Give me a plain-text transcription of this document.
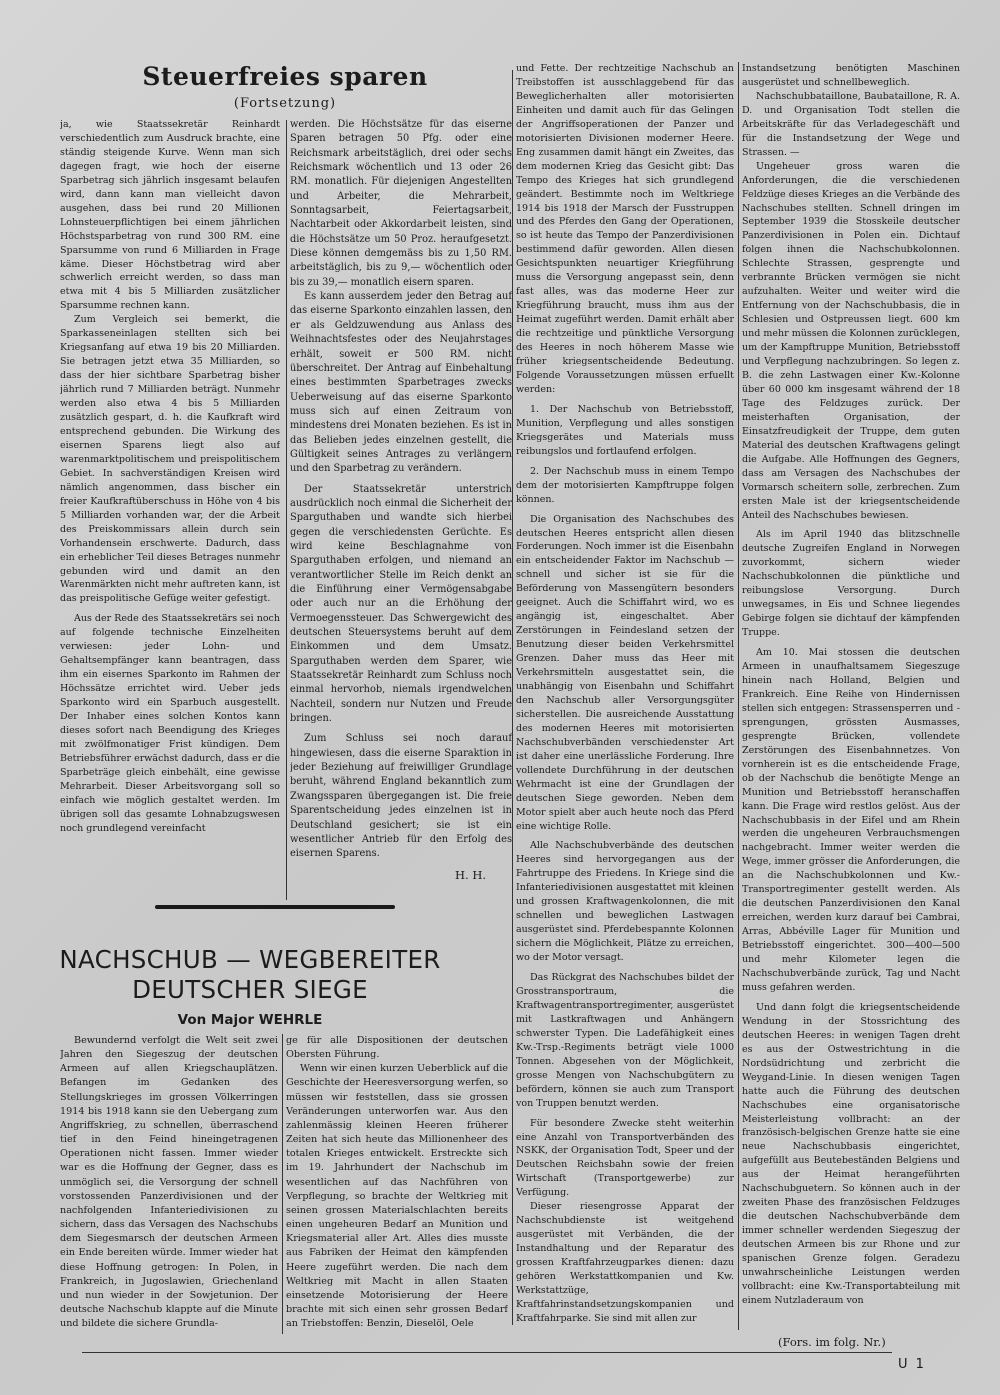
Steuerfreies sparen
(Fortsetzung)

ja, wie Staatssekretär Reinhardt verschiedentlich zum Ausdruck brachte, eine ständig steigende Kurve. Wenn man sich dagegen fragt, wie hoch der eiserne Sparbetrag sich jährlich insgesamt belaufen wird, dann kann man vielleicht davon ausgehen, dass bei rund 20 Millionen Lohnsteuerpflichtigen bei einem jährlichen Höchstsparbetrag von rund 300 RM. eine Sparsumme von rund 6 Milliarden in Frage käme. Dieser Höchstbetrag wird aber schwerlich erreicht werden, so dass man etwa mit 4 bis 5 Milliarden zusätzlicher Sparsumme rechnen kann.

Zum Vergleich sei bemerkt, die Sparkasseneinlagen stellten sich bei Kriegsanfang auf etwa 19 bis 20 Milliarden. Sie betragen jetzt etwa 35 Milliarden, so dass der hier sichtbare Sparbetrag bisher jährlich rund 7 Milliarden beträgt. Nunmehr werden also etwa 4 bis 5 Milliarden zusätzlich gespart, d. h. die Kaufkraft wird entsprechend gebunden. Die Wirkung des eisernen Sparens liegt also auf warenmarktpolitischem und preispolitischem Gebiet. In sachverständigen Kreisen wird nämlich angenommen, dass bischer ein freier Kaufkraftüberschuss in Höhe von 4 bis 5 Milliarden vorhanden war, der die Arbeit des Preiskommissars allein durch sein Vorhandensein erschwerte. Dadurch, dass ein erheblicher Teil dieses Betrages nunmehr gebunden wird und damit an den Warenmärkten nicht mehr auftreten kann, ist das preispolitische Gefüge weiter gefestigt.

Aus der Rede des Staatssekretärs sei noch auf folgende technische Einzelheiten verwiesen: jeder Lohn- und Gehaltsempfänger kann beantragen, dass ihm ein eisernes Sparkonto im Rahmen der Höchssätze errichtet wird. Ueber jeds Sparkonto wird ein Sparbuch ausgestellt. Der Inhaber eines solchen Kontos kann dieses sofort nach Beendigung des Krieges mit zwölfmonatiger Frist kündigen. Dem Betriebsführer erwächst dadurch, dass er die Sparbeträge gleich einbehält, eine gewisse Mehrarbeit. Dieser Arbeitsvorgang soll so einfach wie möglich gestaltet werden. Im übrigen soll das gesamte Lohnabzugswesen noch grundlegend vereinfacht

werden. Die Höchstsätze für das eiserne Sparen betragen 50 Pfg. oder eine Reichsmark arbeitstäglich, drei oder sechs Reichsmark wöchentlich und 13 oder 26 RM. monatlich. Für diejenigen Angestellten und Arbeiter, die Mehrarbeit, Sonntagsarbeit, Feiertagsarbeit, Nachtarbeit oder Akkordarbeit leisten, sind die Höchstsätze um 50 Proz. heraufgesetzt. Diese können demgemäss bis zu 1,50 RM. arbeitstäglich, bis zu 9,— wöchentlich oder bis zu 39,— monatlich eisern sparen.

Es kann ausserdem jeder den Betrag auf das eiserne Sparkonto einzahlen lassen, den er als Geldzuwendung aus Anlass des Weihnachtsfestes oder des Neujahrstages erhält, soweit er 500 RM. nicht überschreitet. Der Antrag auf Einbehaltung eines bestimmten Sparbetrages zwecks Ueberweisung auf das eiserne Sparkonto muss sich auf einen Zeitraum von mindestens drei Monaten beziehen. Es ist in das Belieben jedes einzelnen gestellt, die Gültigkeit seines Antrages zu verlängern und den Sparbetrag zu verändern.

Der Staatssekretär unterstrich ausdrücklich noch einmal die Sicherheit der Sparguthaben und wandte sich hierbei gegen die verschiedensten Gerüchte. Es wird keine Beschlagnahme von Sparguthaben erfolgen, und niemand an verantwortlicher Stelle im Reich denkt an die Einführung einer Vermögensabgabe oder auch nur an die Erhöhung der Vermoegenssteuer. Das Schwergewicht des deutschen Steuersystems beruht auf dem Einkommen und dem Umsatz. Sparguthaben werden dem Sparer, wie Staatssekretär Reinhardt zum Schluss noch einmal hervorhob, niemals irgendwelchen Nachteil, sondern nur Nutzen und Freude bringen.

Zum Schluss sei noch darauf hingewiesen, dass die eiserne Sparaktion in jeder Beziehung auf freiwilliger Grundlage beruht, während England bekanntlich zum Zwangssparen übergegangen ist. Die freie Sparentscheidung jedes einzelnen ist in Deutschland gesichert; sie ist ein wesentlicher Antrieb für den Erfolg des eisernen Sparens.

H. H.
NACHSCHUB — WEGBEREITER
DEUTSCHER SIEGE
Von Major WEHRLE

Bewundernd verfolgt die Welt seit zwei Jahren den Siegeszug der deutschen Armeen auf allen Kriegschauplätzen. Befangen im Gedanken des Stellungskrieges im grossen Völkerringen 1914 bis 1918 kann sie den Uebergang zum Angriffskrieg, zu schnellen, überraschend tief in den Feind hineingetragenen Operationen nicht fassen. Immer wieder war es die Hoffnung der Gegner, dass es unmöglich sei, die Versorgung der schnell vorstossenden Panzerdivisionen und der nachfolgenden Infanteriedivisionen zu sichern, dass das Versagen des Nachschubs dem Siegesmarsch der deutschen Armeen ein Ende bereiten würde. Immer wieder hat diese Hoffnung getrogen: In Polen, in Frankreich, in Jugoslawien, Griechenland und nun wieder in der Sowjetunion. Der deutsche Nachschub klappte auf die Minute und bildete die sichere Grundla-

ge für alle Dispositionen der deutschen Obersten Führung.

Wenn wir einen kurzen Ueberblick auf die Geschichte der Heeresversorgung werfen, so müssen wir feststellen, dass sie grossen Veränderungen unterworfen war. Aus den zahlenmässig kleinen Heeren früherer Zeiten hat sich heute das Millionenheer des totalen Krieges entwickelt. Erstreckte sich im 19. Jahrhundert der Nachschub im wesentlichen auf das Nachführen von Verpflegung, so brachte der Weltkrieg mit seinen grossen Materialschlachten bereits einen ungeheuren Bedarf an Munition und Kriegsmaterial aller Art. Alles dies musste aus Fabriken der Heimat den kämpfenden Heere zugeführt werden. Die nach dem Weltkrieg mit Macht in allen Staaten einsetzende Motorisierung der Heere brachte mit sich einen sehr grossen Bedarf an Triebstoffen: Benzin, Dieselöl, Oele

und Fette. Der rechtzeitige Nachschub an Treibstoffen ist ausschlaggebend für das Beweglicherhalten aller motorisierten Einheiten und damit auch für das Gelingen der Angriffsoperationen der Panzer und motorisierten Divisionen moderner Heere. Eng zusammen damit hängt ein Zweites, das dem modernen Krieg das Gesicht gibt: Das Tempo des Krieges hat sich grundlegend geändert. Bestimmte noch im Weltkriege 1914 bis 1918 der Marsch der Fusstruppen und des Pferdes den Gang der Operationen, so ist heute das Tempo der Panzerdivisionen bestimmend dafür geworden. Allen diesen Gesichtspunkten neuartiger Kriegführung muss die Versorgung angepasst sein, denn fast alles, was das moderne Heer zur Kriegführung braucht, muss ihm aus der Heimat zugeführt werden. Damit erhält aber die rechtzeitige und pünktliche Versorgung des Heeres in noch höherem Masse wie früher kriegsentscheidende Bedeutung. Folgende Voraussetzungen müssen erfuellt werden:

1. Der Nachschub von Betriebsstoff, Munition, Verpflegung und alles sonstigen Kriegsgerätes und Materials muss reibungslos und fortlaufend erfolgen.

2. Der Nachschub muss in einem Tempo dem der motorisierten Kampftruppe folgen können.

Die Organisation des Nachschubes des deutschen Heeres entspricht allen diesen Forderungen. Noch immer ist die Eisenbahn ein entscheidender Faktor im Nachschub — schnell und sicher ist sie für die Beförderung von Massengütern besonders geeignet. Auch die Schiffahrt wird, wo es angängig ist, eingeschaltet. Aber Zerstörungen in Feindesland setzen der Benutzung dieser beiden Verkehrsmittel Grenzen. Daher muss das Heer mit Verkehrsmitteln ausgestattet sein, die unabhängig von Eisenbahn und Schiffahrt den Nachschub aller Versorgungsgüter sicherstellen. Die ausreichende Ausstattung des modernen Heeres mit motorisierten Nachschubverbänden verschiedenster Art ist daher eine unerlässliche Forderung. Ihre vollendete Durchführung in der deutschen Wehrmacht ist eine der Grundlagen der deutschen Siege geworden. Neben dem Motor spielt aber auch heute noch das Pferd eine wichtige Rolle.

Alle Nachschubverbände des deutschen Heeres sind hervorgegangen aus der Fahrtruppe des Friedens. In Kriege sind die Infanteriedivisionen ausgestattet mit kleinen und grossen Kraftwagenkolonnen, die mit schnellen und beweglichen Lastwagen ausgerüstet sind. Pferdebespannte Kolonnen sichern die Möglichkeit, Plätze zu erreichen, wo der Motor versagt.

Das Rückgrat des Nachschubes bildet der Grosstransportraum, die Kraftwagentransportregimenter, ausgerüstet mit Lastkraftwagen und Anhängern schwerster Typen. Die Ladefähigkeit eines Kw.-Trsp.-Regiments beträgt viele 1000 Tonnen. Abgesehen von der Möglichkeit, grosse Mengen von Nachschubgütern zu befördern, können sie auch zum Transport von Truppen benutzt werden.

Für besondere Zwecke steht weiterhin eine Anzahl von Transportverbänden des NSKK, der Organisation Todt, Speer und der Deutschen Reichsbahn sowie der freien Wirtschaft (Transportgewerbe) zur Verfügung.

Dieser riesengrosse Apparat der Nachschubdienste ist weitgehend ausgerüstet mit Verbänden, die der Instandhaltung und der Reparatur des grossen Kraftfahrzeugparkes dienen: dazu gehören Werkstattkompanien und Kw. Werkstattzüge, Kraftfahrinstandsetzungskompanien und Kraftfahrparke. Sie sind mit allen zur

Instandsetzung benötigten Maschinen ausgerüstet und schnellbeweglich.

Nachschubbataillone, Baubataillone, R. A. D. und Organisation Todt stellen die Arbeitskräfte für das Verladegeschäft und für die Instandsetzung der Wege und Strassen. —

Ungeheuer gross waren die Anforderungen, die die verschiedenen Feldzüge dieses Krieges an die Verbände des Nachschubes stellten. Schnell dringen im September 1939 die Stosskeile deutscher Panzerdivisionen in Polen ein. Dichtauf folgen ihnen die Nachschubkolonnen. Schlechte Strassen, gesprengte und verbrannte Brücken vermögen sie nicht aufzuhalten. Weiter und weiter wird die Entfernung von der Nachschubbasis, die in Schlesien und Ostpreussen liegt. 600 km und mehr müssen die Kolonnen zurücklegen, um der Kampftruppe Munition, Betriebsstoff und Verpflegung nachzubringen. So legen z. B. die zehn Lastwagen einer Kw.-Kolonne über 60 000 km insgesamt während der 18 Tage des Feldzuges zurück. Der meisterhaften Organisation, der Einsatzfreudigkeit der Truppe, dem guten Material des deutschen Kraftwagens gelingt die Aufgabe. Alle Hoffnungen des Gegners, dass am Versagen des Nachschubes der Vormarsch scheitern solle, zerbrechen. Zum ersten Male ist der kriegsentscheidende Anteil des Nachschubes bewiesen.

Als im April 1940 das blitzschnelle deutsche Zugreifen England in Norwegen zuvorkommt, sichern wieder Nachschubkolonnen die pünktliche und reibungslose Versorgung. Durch unwegsames, in Eis und Schnee liegendes Gebirge folgen sie dichtauf der kämpfenden Truppe.

Am 10. Mai stossen die deutschen Armeen in unaufhaltsamem Siegeszuge hinein nach Holland, Belgien und Frankreich. Eine Reihe von Hindernissen stellen sich entgegen: Strassensperren und -sprengungen, grössten Ausmasses, gesprengte Brücken, vollendete Zerstörungen des Eisenbahnnetzes. Von vornherein ist es die entscheidende Frage, ob der Nachschub die benötigte Menge an Munition und Betriebsstoff heranschaffen kann. Die Frage wird restlos gelöst. Aus der Nachschubbasis in der Eifel und am Rhein werden die ungeheuren Verbrauchsmengen nachgebracht. Immer weiter werden die Wege, immer grösser die Anforderungen, die an die Nachschubkolonnen und Kw.-Transportregimenter gestellt werden. Als die deutschen Panzerdivisionen den Kanal erreichen, werden kurz darauf bei Cambrai, Arras, Abbéville Lager für Munition und Betriebsstoff eingerichtet. 300—400—500 und mehr Kilometer legen die Nachschubverbände zurück, Tag und Nacht muss gefahren werden.

Und dann folgt die kriegsentscheidende Wendung in der Stossrichtung des deutschen Heeres: in wenigen Tagen dreht es aus der Ostwestrichtung in die Nordsüdrichtung und zerbricht die Weygand-Linie. In diesen wenigen Tagen hatte auch die Führung des deutschen Nachschubes eine organisatorische Meisterleistung vollbracht: an der französisch-belgischen Grenze hatte sie eine neue Nachschubbasis eingerichtet, aufgefüllt aus Beutebeständen Belgiens und aus der Heimat herangeführten Nachschubguetern. So können auch in der zweiten Phase des französischen Feldzuges die deutschen Nachschubverbände dem immer schneller werdenden Siegeszug der deutschen Armeen bis zur Rhone und zur spanischen Grenze folgen. Geradezu unwahrscheinliche Leistungen werden vollbracht: eine Kw.-Transportabteilung mit einem Nutzladeraum von

(Fors. im folg. Nr.)
U 1
